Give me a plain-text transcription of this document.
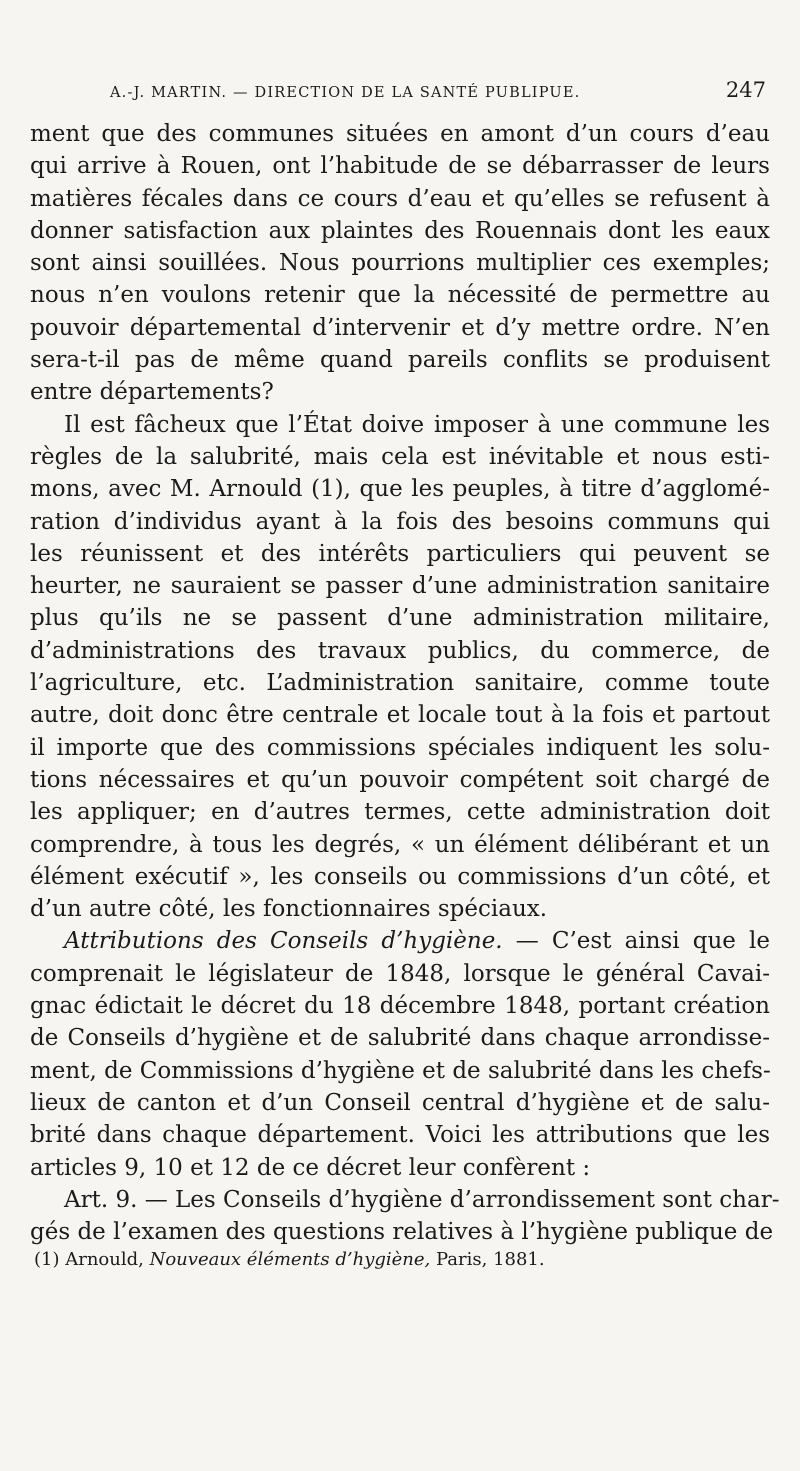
A.-J. MARTIN. — DIRECTION DE LA SANTÉ PUBLIPUE.	247

ment que des communes situées en amont d’un cours d’eau
qui arrive à Rouen, ont l’habitude de se débarrasser de leurs
matières fécales dans ce cours d’eau et qu’elles se refusent à
donner satisfaction aux plaintes des Rouennais dont les eaux
sont ainsi souillées. Nous pourrions multiplier ces exemples;
nous n’en voulons retenir que la nécessité de permettre au
pouvoir départemental d’intervenir et d’y mettre ordre. N’en
sera-t-il pas de même quand pareils conflits se produisent
entre départements?

Il est fâcheux que l’État doive imposer à une commune les
règles de la salubrité, mais cela est inévitable et nous esti-
mons, avec M. Arnould (1), que les peuples, à titre d’agglomé-
ration d’individus ayant à la fois des besoins communs qui
les réunissent et des intérêts particuliers qui peuvent se
heurter, ne sauraient se passer d’une administration sanitaire
plus qu’ils ne se passent d’une administration militaire,
d’administrations des travaux publics, du commerce, de
l’agriculture, etc. L’administration sanitaire, comme toute
autre, doit donc être centrale et locale tout à la fois et partout
il importe que des commissions spéciales indiquent les solu-
tions nécessaires et qu’un pouvoir compétent soit chargé de
les appliquer; en d’autres termes, cette administration doit
comprendre, à tous les degrés, « un élément délibérant et un
élément exécutif », les conseils ou commissions d’un côté, et
d’un autre côté, les fonctionnaires spéciaux.

Attributions des Conseils d’hygiène. — C’est ainsi que le
comprenait le législateur de 1848, lorsque le général Cavai-
gnac édictait le décret du 18 décembre 1848, portant création
de Conseils d’hygiène et de salubrité dans chaque arrondisse-
ment, de Commissions d’hygiène et de salubrité dans les chefs-
lieux de canton et d’un Conseil central d’hygiène et de salu-
brité dans chaque département. Voici les attributions que les
articles 9, 10 et 12 de ce décret leur confèrent :

Art. 9. — Les Conseils d’hygiène d’arrondissement sont char-
gés de l’examen des questions relatives à l’hygiène publique de

(1) Arnould, Nouveaux éléments d’hygiène, Paris, 1881.
